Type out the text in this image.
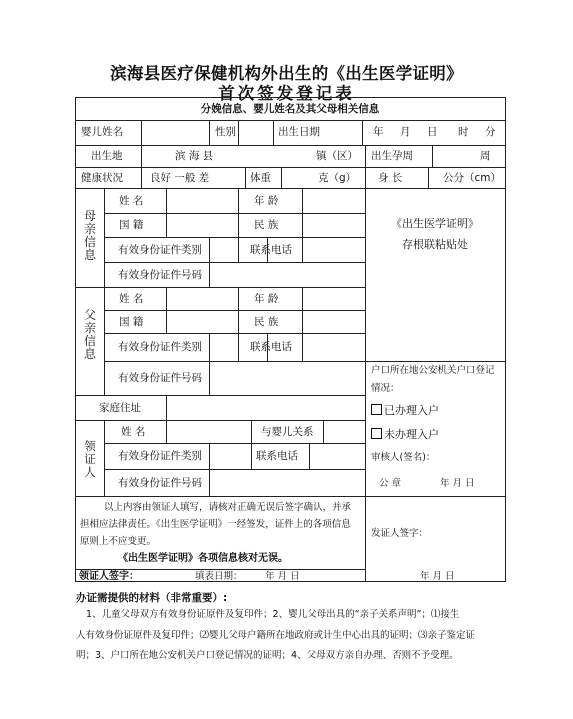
滨海县医疗保健机构外出生的《出生医学证明》
首次签发登记表
分娩信息、婴儿姓名及其父母相关信息
婴儿姓名	性别	出生日期	年 月 日 时 分
出生地	滨 海 县	镇（区） 出生孕周	周
健康状况	良好 一般 差	体重	克（g） 身 长	公分（cm）
母亲信息
姓 名	年 龄
国 籍	民 族
有效身份证件类别	联系电话
有效身份证件号码
《出生医学证明》
存根联粘贴处
父亲信息
姓 名	年 龄
国 籍	民 族
有效身份证件类别	联系电话
有效身份证件号码
户口所在地公安机关户口登记
情况：
已办理入户
未办理入户
审核人(签名)：
公 章	年 月 日
家庭住址
领证人
姓 名	与婴儿关系
有效身份证件类别	联系电话
有效身份证件号码
以上内容由领证人填写，请核对正确无误后签字确认，并承担相应法律责任。《出生医学证明》一经签发，证件上的各项信息原则上不应变更。
《出生医学证明》各项信息核对无误。
领证人签字：	填表日期： 年 月 日
发证人签字：
年 月 日
办证需提供的材料（非常重要）:
1、儿童父母双方有效身份证原件及复印件；2、婴儿父母出具的“亲子关系声明”；⑴接生
人有效身份证原件及复印件；⑵婴儿父母户籍所在地政府或计生中心出具的证明；⑶亲子鉴定证
明；3、户口所在地公安机关户口登记情况的证明；4、父母双方亲自办理、否则不予受理。
